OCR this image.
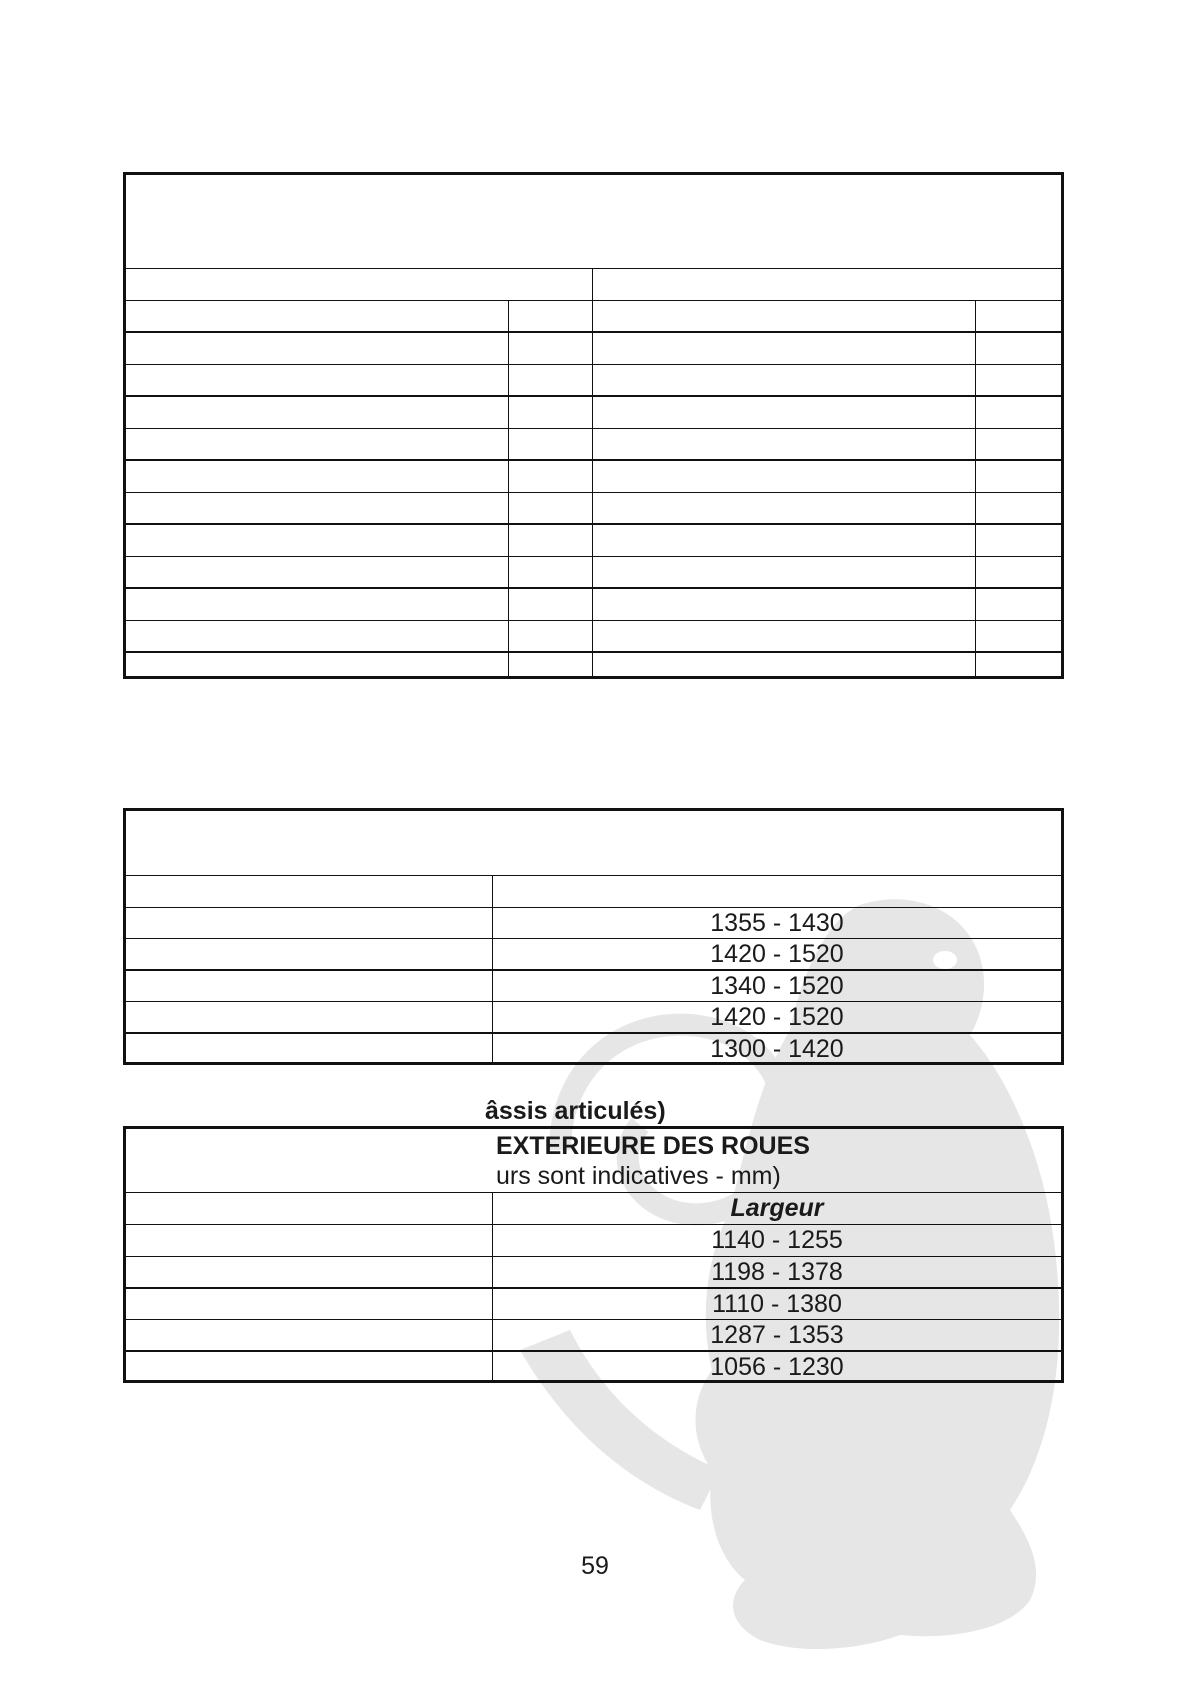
1355 - 1430
1420 - 1520
1340 - 1520
1420 - 1520
1300 - 1420
âssis articulés)
EXTERIEURE DES ROUES
urs sont indicatives - mm)
Largeur
1140 - 1255
1198 - 1378
1110 - 1380
1287 - 1353
1056 - 1230
59
